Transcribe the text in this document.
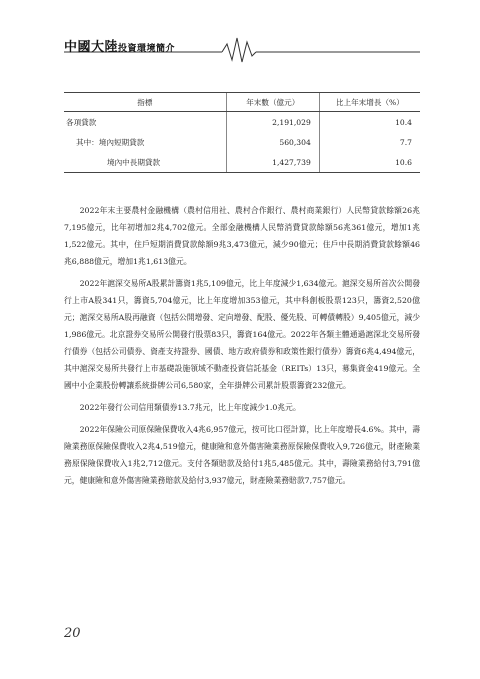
中國大陸投資環境簡介
指標	年末數（億元）	比上年末增長（%）
各項貸款	2,191,029	10.4
其中：境內短期貸款	560,304	7.7
境內中長期貸款	1,427,739	10.6

2022年末主要農村金融機構（農村信用社、農村合作銀行、農村商業銀行）人民幣貸款餘額26兆7,195億元，比年初增加2兆4,702億元。全部金融機構人民幣消費貸款餘額56兆361億元，增加1兆1,522億元。其中，住戶短期消費貸款餘額9兆3,473億元，減少90億元；住戶中長期消費貸款餘額46兆6,888億元，增加1兆1,613億元。

2022年滬深交易所A股累計籌資1兆5,109億元，比上年度減少1,634億元。滬深交易所首次公開發行上市A股341只，籌資5,704億元，比上年度增加353億元，其中科創板股票123只，籌資2,520億元；滬深交易所A股再融資（包括公開增發、定向增發、配股、優先股、可轉債轉股）9,405億元，減少1,986億元。北京證券交易所公開發行股票83只，籌資164億元。2022年各類主體通過滬深北交易所發行債券（包括公司債券、資產支持證券、國債、地方政府債券和政策性銀行債券）籌資6兆4,494億元，其中滬深交易所共發行上市基礎設施領域不動產投資信託基金（REITs）13只，募集資金419億元。全國中小企業股份轉讓系統掛牌公司6,580家，全年掛牌公司累計股票籌資232億元。

2022年發行公司信用類債券13.7兆元，比上年度減少1.0兆元。

2022年保險公司原保險保費收入4兆6,957億元，按可比口徑計算，比上年度增長4.6%。其中，壽險業務原保險保費收入2兆4,519億元，健康險和意外傷害險業務原保險保費收入9,726億元，財產險業務原保險保費收入1兆2,712億元。支付各類賠款及給付1兆5,485億元。其中，壽險業務給付3,791億元，健康險和意外傷害險業務賠款及給付3,937億元，財產險業務賠款7,757億元。

20
